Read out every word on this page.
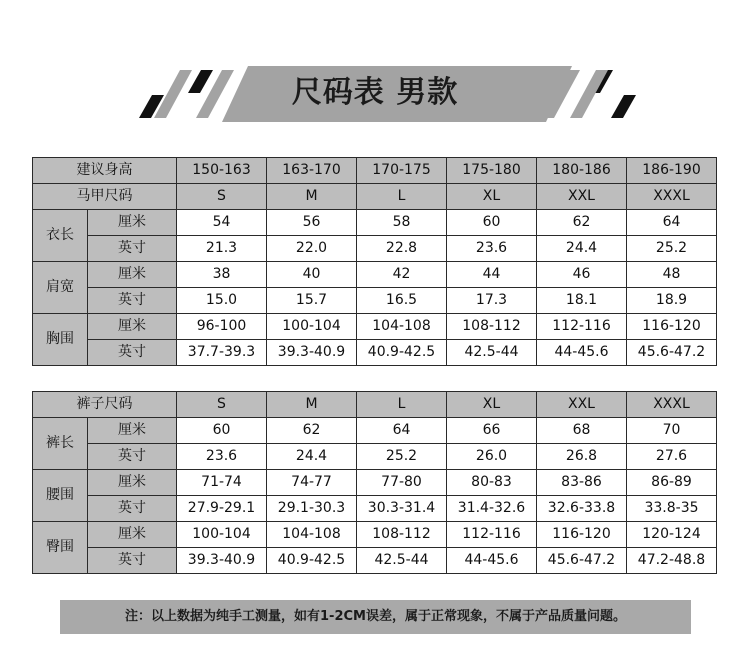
尺码表 男款
建议身高		150-163	163-170	170-175	175-180	180-186	186-190
马甲尺码		S	M	L	XL	XXL	XXXL
衣长	厘米	54	56	58	60	62	64
	英寸	21.3	22.0	22.8	23.6	24.4	25.2
肩宽	厘米	38	40	42	44	46	48
	英寸	15.0	15.7	16.5	17.3	18.1	18.9
胸围	厘米	96-100	100-104	104-108	108-112	112-116	116-120
	英寸	37.7-39.3	39.3-40.9	40.9-42.5	42.5-44	44-45.6	45.6-47.2
裤子尺码		S	M	L	XL	XXL	XXXL
裤长	厘米	60	62	64	66	68	70
	英寸	23.6	24.4	25.2	26.0	26.8	27.6
腰围	厘米	71-74	74-77	77-80	80-83	83-86	86-89
	英寸	27.9-29.1	29.1-30.3	30.3-31.4	31.4-32.6	32.6-33.8	33.8-35
臀围	厘米	100-104	104-108	108-112	112-116	116-120	120-124
	英寸	39.3-40.9	40.9-42.5	42.5-44	44-45.6	45.6-47.2	47.2-48.8
注：以上数据为纯手工测量，如有1-2CM误差，属于正常现象，不属于产品质量问题。
